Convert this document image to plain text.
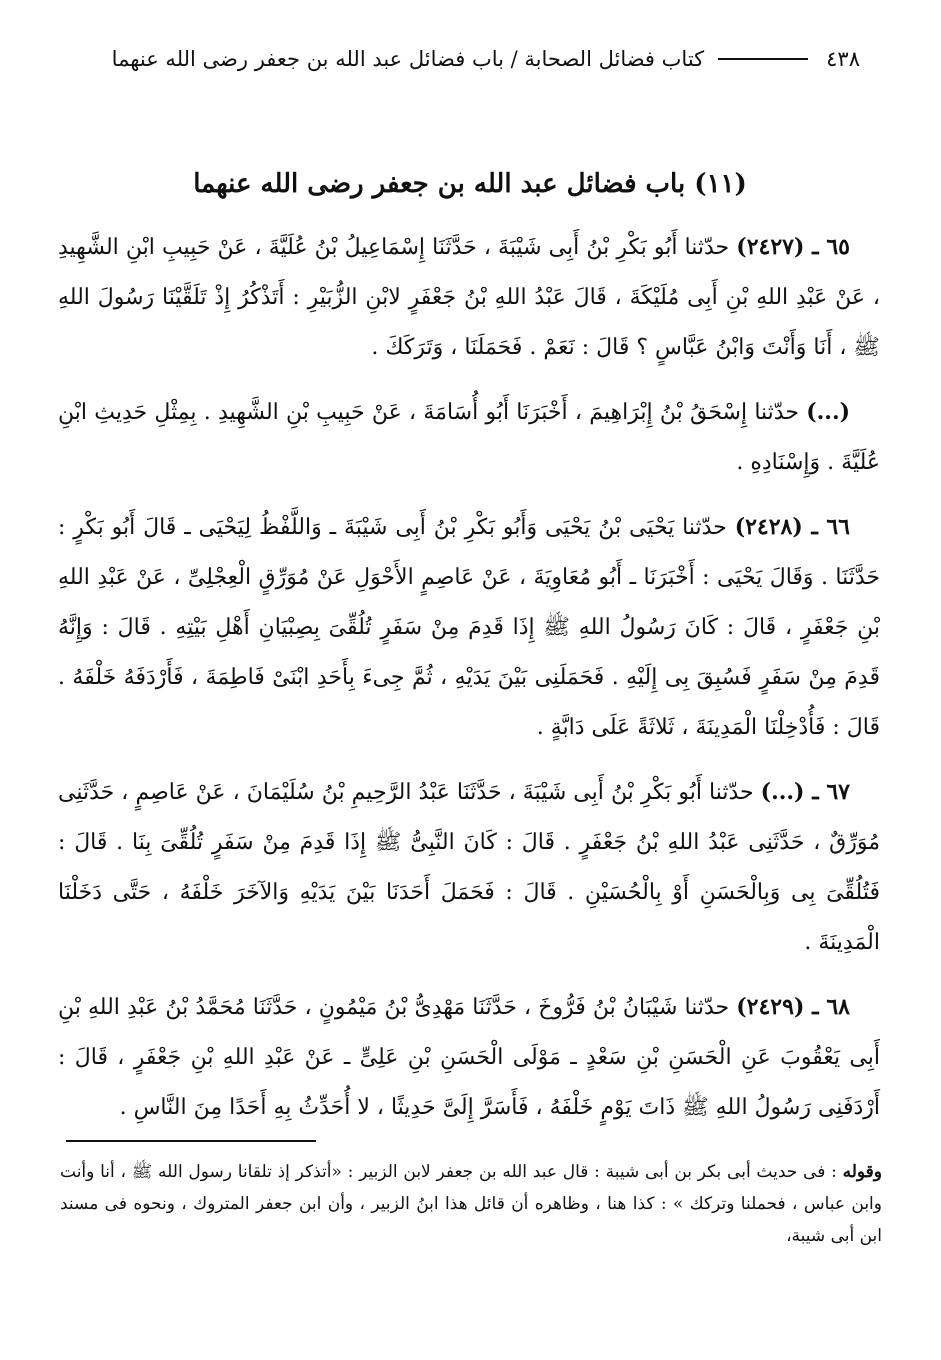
٤٣٨
كتاب فضائل الصحابة / باب فضائل عبد الله بن جعفر رضى الله عنهما
(١١) باب فضائل عبد الله بن جعفر رضى الله عنهما

٦٥ ـ (٢٤٢٧) حدّثنا أَبُو بَكْرِ بْنُ أَبِى شَيْبَةَ ، حَدَّثَنَا إِسْمَاعِيلُ بْنُ عُلَيَّةَ ، عَنْ حَبِيبِ ابْنِ الشَّهِيدِ ، عَنْ عَبْدِ اللهِ بْنِ أَبِى مُلَيْكَةَ ، قَالَ عَبْدُ اللهِ بْنُ جَعْفَرٍ لابْنِ الزُّبَيْرِ : أَتَذْكُرُ إِذْ تَلَقَّيْنَا رَسُولَ اللهِ ﷺ ، أَنَا وَأَنْتَ وَابْنُ عَبَّاسٍ ؟ قَالَ : نَعَمْ . فَحَمَلَنَا ، وَتَرَكَكَ .

(...) حدّثنا إِسْحَقُ بْنُ إِبْرَاهِيمَ ، أَخْبَرَنَا أَبُو أُسَامَةَ ، عَنْ حَبِيبِ بْنِ الشَّهِيدِ . بِمِثْلِ حَدِيثِ ابْنِ عُلَيَّةَ . وَإِسْنَادِهِ .

٦٦ ـ (٢٤٢٨) حدّثنا يَحْيَى بْنُ يَحْيَى وَأَبُو بَكْرِ بْنُ أَبِى شَيْبَةَ ـ وَاللَّفْظُ لِيَحْيَى ـ قَالَ أَبُو بَكْرٍ : حَدَّثَنَا . وَقَالَ يَحْيَى : أَخْبَرَنَا ـ أَبُو مُعَاوِيَةَ ، عَنْ عَاصِمٍ الأَحْوَلِ عَنْ مُوَرِّقٍ الْعِجْلِىِّ ، عَنْ عَبْدِ اللهِ بْنِ جَعْفَرٍ ، قَالَ : كَانَ رَسُولُ اللهِ ﷺ إِذَا قَدِمَ مِنْ سَفَرٍ تُلُقِّىَ بِصِبْيَانِ أَهْلِ بَيْتِهِ . قَالَ : وَإِنَّهُ قَدِمَ مِنْ سَفَرٍ فَسُبِقَ بِى إِلَيْهِ . فَحَمَلَنِى بَيْنَ يَدَيْهِ ، ثُمَّ جِىءَ بِأَحَدِ ابْنَىْ فَاطِمَةَ ، فَأَرْدَفَهُ خَلْفَهُ . قَالَ : فَأُدْخِلْنَا الْمَدِينَةَ ، ثَلاثَةً عَلَى دَابَّةٍ .

٦٧ ـ (...) حدّثنا أَبُو بَكْرِ بْنُ أَبِى شَيْبَةَ ، حَدَّثَنَا عَبْدُ الرَّحِيمِ بْنُ سُلَيْمَانَ ، عَنْ عَاصِمٍ ، حَدَّثَنِى مُوَرِّقٌ ، حَدَّثَنِى عَبْدُ اللهِ بْنُ جَعْفَرٍ . قَالَ : كَانَ النَّبِىُّ ﷺ إِذَا قَدِمَ مِنْ سَفَرٍ تُلُقِّىَ بِنَا . قَالَ : فَتُلُقِّىَ بِى وَبِالْحَسَنِ أَوْ بِالْحُسَيْنِ . قَالَ : فَحَمَلَ أَحَدَنَا بَيْنَ يَدَيْهِ وَالآخَرَ خَلْفَهُ ، حَتَّى دَخَلْنَا الْمَدِينَةَ .

٦٨ ـ (٢٤٢٩) حدّثنا شَيْبَانُ بْنُ فَرُّوخَ ، حَدَّثَنَا مَهْدِىُّ بْنُ مَيْمُونٍ ، حَدَّثَنَا مُحَمَّدُ بْنُ عَبْدِ اللهِ بْنِ أَبِى يَعْقُوبَ عَنِ الْحَسَنِ بْنِ سَعْدٍ ـ مَوْلَى الْحَسَنِ بْنِ عَلِىٍّ ـ عَنْ عَبْدِ اللهِ بْنِ جَعْفَرٍ ، قَالَ : أَرْدَفَنِى رَسُولُ اللهِ ﷺ ذَاتَ يَوْمٍ خَلْفَهُ ، فَأَسَرَّ إِلَىَّ حَدِيثًا ، لا أُحَدِّثُ بِهِ أَحَدًا مِنَ النَّاسِ .

وقوله : فى حديث أبى بكر بن أبى شيبة : قال عبد الله بن جعفر لابن الزبير : «أتذكر إذ تلقانا رسول الله ﷺ ، أنا وأنت وابن عباس ، فحملنا وتركك » : كذا هنا ، وظاهره أن قائل هذا ابنُ الزبير ، وأن ابن جعفر المتروك ، ونحوه فى مسند ابن أبى شيبة،
